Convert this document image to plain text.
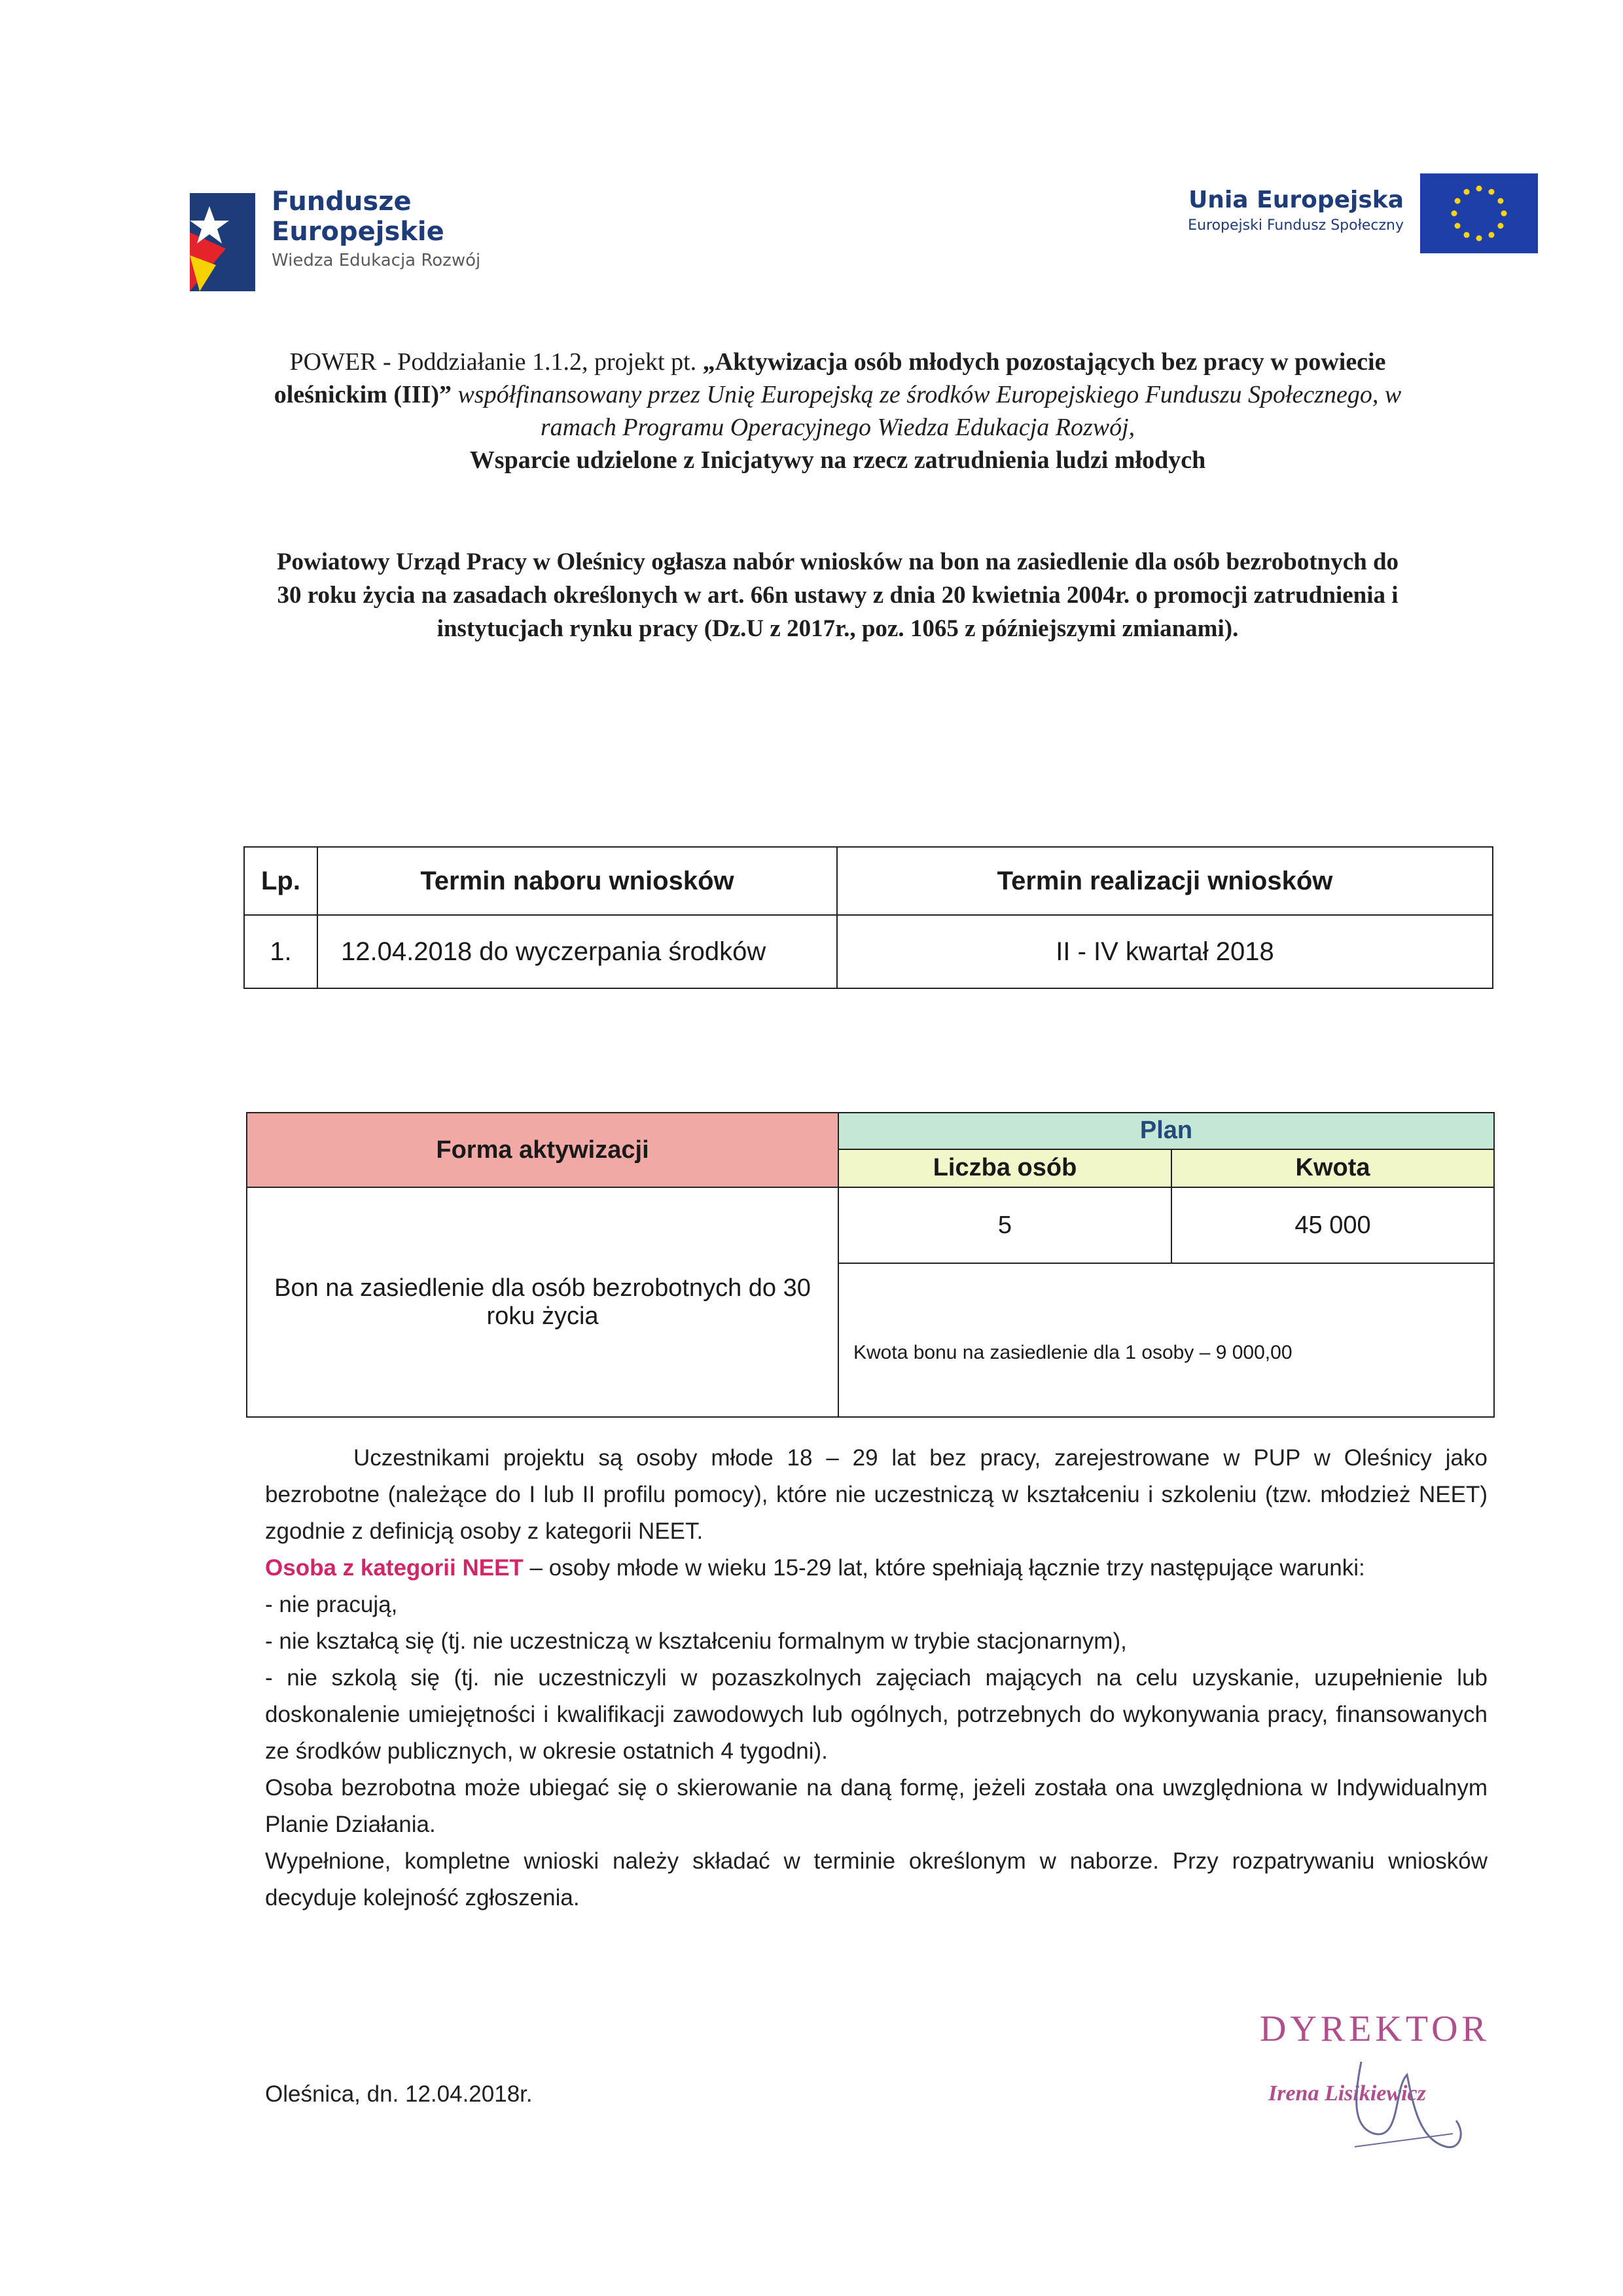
Fundusze
Europejskie
Wiedza Edukacja Rozwój
Unia Europejska
Europejski Fundusz Społeczny
POWER - Poddziałanie 1.1.2, projekt pt. „Aktywizacja osób młodych pozostających bez pracy w powiecie oleśnickim (III)” współfinansowany przez Unię Europejską ze środków Europejskiego Funduszu Społecznego, w ramach Programu Operacyjnego Wiedza Edukacja Rozwój,
Wsparcie udzielone z Inicjatywy na rzecz zatrudnienia ludzi młodych
Powiatowy Urząd Pracy w Oleśnicy ogłasza nabór wniosków na bon na zasiedlenie dla osób bezrobotnych do 30 roku życia na zasadach określonych w art. 66n ustawy z dnia 20 kwietnia 2004r. o promocji zatrudnienia i instytucjach rynku pracy (Dz.U z 2017r., poz. 1065 z późniejszymi zmianami).
Lp.	Termin naboru wniosków	Termin realizacji wniosków
1.	12.04.2018 do wyczerpania środków	II - IV kwartał 2018
Forma aktywizacji	Plan	
	Liczba osób	Kwota
Bon na zasiedlenie dla osób bezrobotnych do 30 roku życia	5	45 000
	Kwota bonu na zasiedlenie dla 1 osoby – 9 000,00	

Uczestnikami projektu są osoby młode 18 – 29 lat bez pracy, zarejestrowane w PUP w Oleśnicy jako bezrobotne (należące do I lub II profilu pomocy), które nie uczestniczą w kształceniu i szkoleniu (tzw. młodzież NEET) zgodnie z definicją osoby z kategorii NEET.

Osoba z kategorii NEET – osoby młode w wieku 15-29 lat, które spełniają łącznie trzy następujące warunki:

- nie pracują,

- nie kształcą się (tj. nie uczestniczą w kształceniu formalnym w trybie stacjonarnym),

- nie szkolą się (tj. nie uczestniczyli w pozaszkolnych zajęciach mających na celu uzyskanie, uzupełnienie lub doskonalenie umiejętności i kwalifikacji zawodowych lub ogólnych, potrzebnych do wykonywania pracy, finansowanych ze środków publicznych, w okresie ostatnich 4 tygodni).

Osoba bezrobotna może ubiegać się o skierowanie na daną formę, jeżeli została ona uwzględniona w Indywidualnym Planie Działania.

Wypełnione, kompletne wnioski należy składać w terminie określonym w naborze. Przy rozpatrywaniu wniosków decyduje kolejność zgłoszenia.

Oleśnica, dn. 12.04.2018r.
DYREKTOR
Irena Lisikiewicz
